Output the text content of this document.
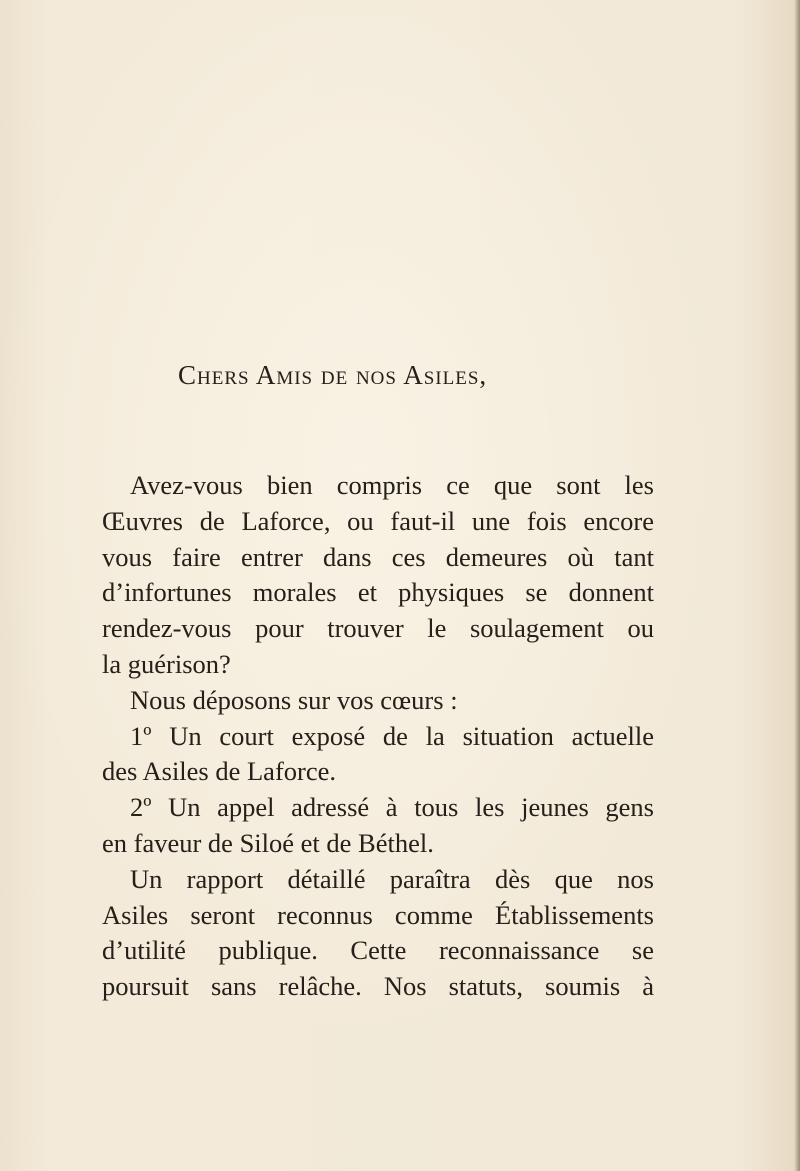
Chers Amis de nos Asiles,
Avez-vous bien compris ce que sont les
Œuvres de Laforce, ou faut-il une fois encore
vous faire entrer dans ces demeures où tant
d’infortunes morales et physiques se donnent
rendez-vous pour trouver le soulagement ou
la guérison?
Nous déposons sur vos cœurs :
1º Un court exposé de la situation actuelle
des Asiles de Laforce.
2º Un appel adressé à tous les jeunes gens
en faveur de Siloé et de Béthel.
Un rapport détaillé paraîtra dès que nos
Asiles seront reconnus comme Établissements
d’utilité publique. Cette reconnaissance se
poursuit sans relâche. Nos statuts, soumis à
